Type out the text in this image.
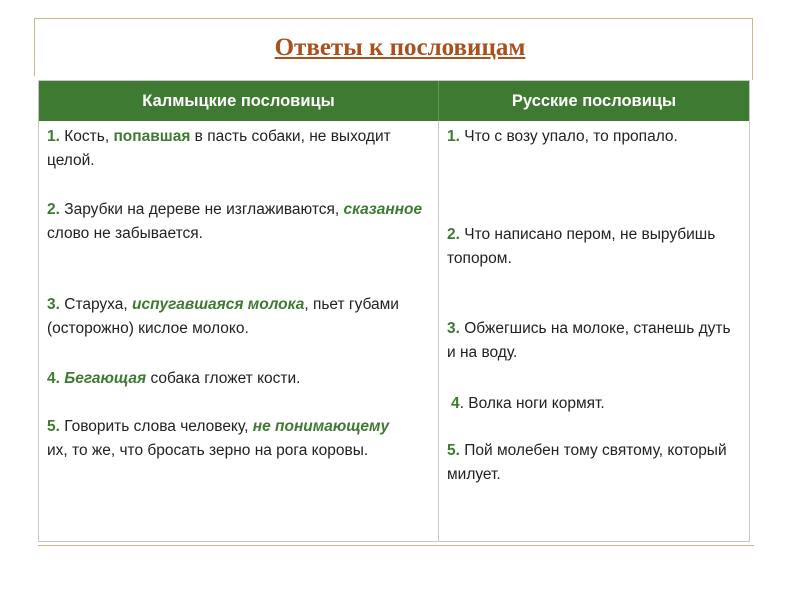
Ответы к пословицам
Калмыцкие пословицы	Русские пословицы
1. Кость, попавшая в пасть собаки, не выходит целой.
2. Зарубки на дереве не изглаживаются, сказанное слово не забывается.
3. Старуха, испугавшаяся молока, пьет губами (осторожно) кислое молоко.
4. Бегающая собака гложет кости.
5. Говорить слова человеку, не понимающему их, то же, что бросать зерно на рога коровы.
1. Что с возу упало, то пропало.
2. Что написано пером, не вырубишь топором.
3. Обжегшись на молоке, станешь дуть и на воду.
4. Волка ноги кормят.
5. Пой молебен тому святому, который милует.
